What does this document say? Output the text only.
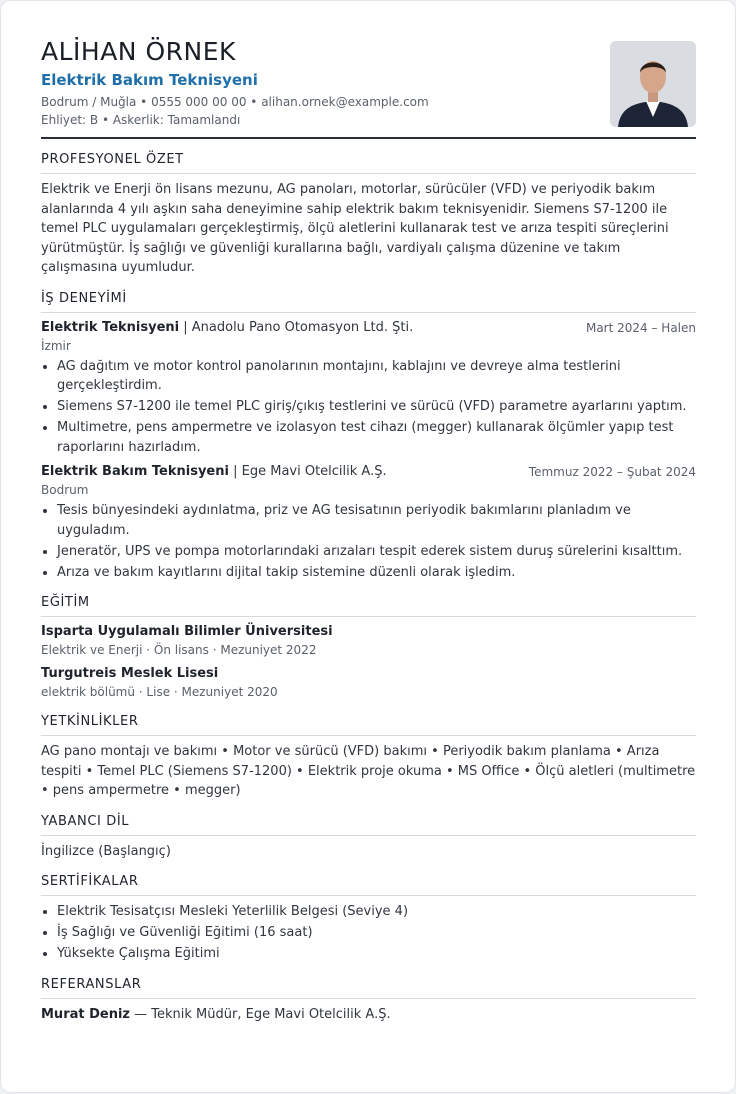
ALİHAN ÖRNEK
Elektrik Bakım Teknisyeni
Bodrum / Muğla • 0555 000 00 00 • alihan.ornek@example.com
Ehliyet: B • Askerlik: Tamamlandı
PROFESYONEL ÖZET
Elektrik ve Enerji ön lisans mezunu, AG panoları, motorlar, sürücüler (VFD) ve periyodik bakım alanlarında 4 yılı aşkın saha deneyimine sahip elektrik bakım teknisyenidir. Siemens S7-1200 ile temel PLC uygulamaları gerçekleştirmiş, ölçü aletlerini kullanarak test ve arıza tespiti süreçlerini yürütmüştür. İş sağlığı ve güvenliği kurallarına bağlı, vardiyalı çalışma düzenine ve takım çalışmasına uyumludur.
İŞ DENEYİMİ
Elektrik Teknisyeni | Anadolu Pano Otomasyon Ltd. Şti.	Mart 2024 – Halen
İzmir
• AG dağıtım ve motor kontrol panolarının montajını, kablajını ve devreye alma testlerini gerçekleştirdim.
• Siemens S7-1200 ile temel PLC giriş/çıkış testlerini ve sürücü (VFD) parametre ayarlarını yaptım.
• Multimetre, pens ampermetre ve izolasyon test cihazı (megger) kullanarak ölçümler yapıp test raporlarını hazırladım.
Elektrik Bakım Teknisyeni | Ege Mavi Otelcilik A.Ş.	Temmuz 2022 – Şubat 2024
Bodrum
• Tesis bünyesindeki aydınlatma, priz ve AG tesisatının periyodik bakımlarını planladım ve uyguladım.
• Jeneratör, UPS ve pompa motorlarındaki arızaları tespit ederek sistem duruş sürelerini kısalttım.
• Arıza ve bakım kayıtlarını dijital takip sistemine düzenli olarak işledim.
EĞİTİM
Isparta Uygulamalı Bilimler Üniversitesi
Elektrik ve Enerji · Ön lisans · Mezuniyet 2022
Turgutreis Meslek Lisesi
elektrik bölümü · Lise · Mezuniyet 2020
YETKİNLİKLER
AG pano montajı ve bakımı • Motor ve sürücü (VFD) bakımı • Periyodik bakım planlama • Arıza tespiti • Temel PLC (Siemens S7-1200) • Elektrik proje okuma • MS Office • Ölçü aletleri (multimetre • pens ampermetre • megger)
YABANCI DİL
İngilizce (Başlangıç)
SERTİFİKALAR
• Elektrik Tesisatçısı Mesleki Yeterlilik Belgesi (Seviye 4)
• İş Sağlığı ve Güvenliği Eğitimi (16 saat)
• Yüksekte Çalışma Eğitimi
REFERANSLAR
Murat Deniz — Teknik Müdür, Ege Mavi Otelcilik A.Ş.
